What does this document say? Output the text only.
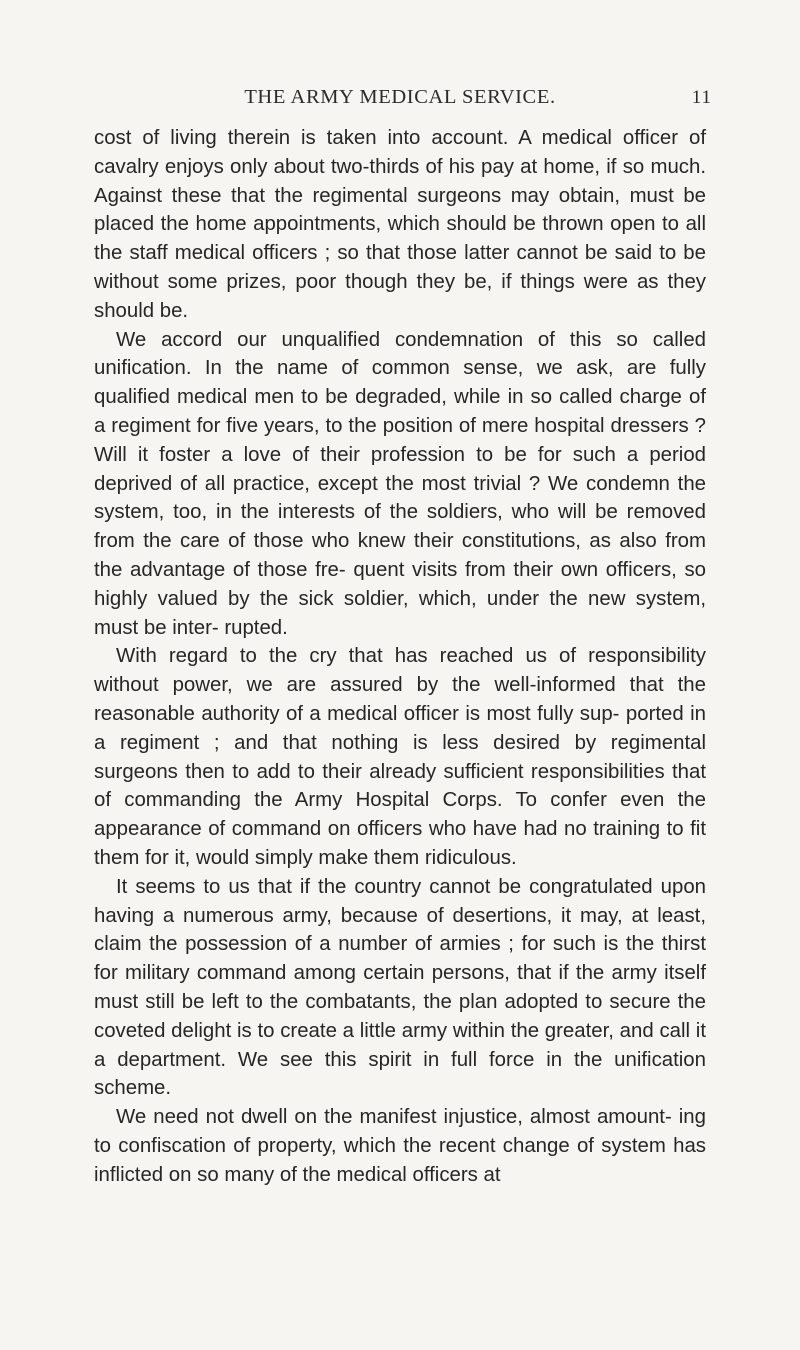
THE ARMY MEDICAL SERVICE.	11

cost of living therein is taken into account. A medical officer of cavalry enjoys only about two-thirds of his pay at home, if so much. Against these that the regimental surgeons may obtain, must be placed the home appointments, which should be thrown open to all the staff medical officers ; so that those latter cannot be said to be without some prizes, poor though they be, if things were as they should be.

We accord our unqualified condemnation of this so called unification. In the name of common sense, we ask, are fully qualified medical men to be degraded, while in so called charge of a regiment for five years, to the position of mere hospital dressers ? Will it foster a love of their profession to be for such a period deprived of all practice, except the most trivial ? We condemn the system, too, in the interests of the soldiers, who will be removed from the care of those who knew their constitutions, as also from the advantage of those fre- quent visits from their own officers, so highly valued by the sick soldier, which, under the new system, must be inter- rupted.

With regard to the cry that has reached us of responsibility without power, we are assured by the well-informed that the reasonable authority of a medical officer is most fully sup- ported in a regiment ; and that nothing is less desired by regimental surgeons then to add to their already sufficient responsibilities that of commanding the Army Hospital Corps. To confer even the appearance of command on officers who have had no training to fit them for it, would simply make them ridiculous.

It seems to us that if the country cannot be congratulated upon having a numerous army, because of desertions, it may, at least, claim the possession of a number of armies ; for such is the thirst for military command among certain persons, that if the army itself must still be left to the combatants, the plan adopted to secure the coveted delight is to create a little army within the greater, and call it a department. We see this spirit in full force in the unification scheme.

We need not dwell on the manifest injustice, almost amount- ing to confiscation of property, which the recent change of system has inflicted on so many of the medical officers at
